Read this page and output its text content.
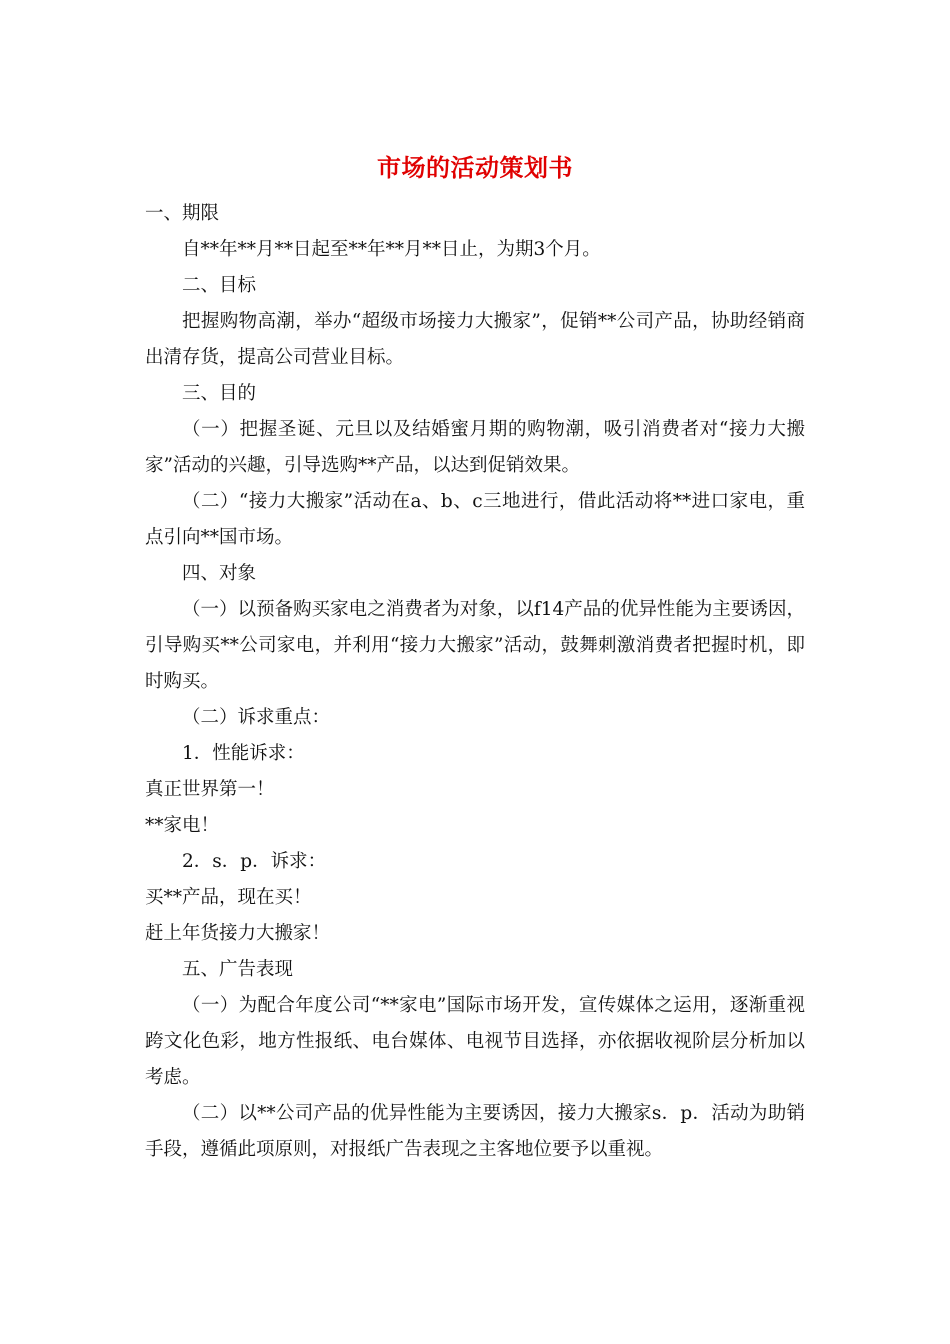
市场的活动策划书

一、期限

自**年**月**日起至**年**月**日止，为期3个月。

二、目标

把握购物高潮，举办“超级市场接力大搬家”，促销**公司产品，协助经销商出清存货，提高公司营业目标。

三、目的

（一）把握圣诞、元旦以及结婚蜜月期的购物潮，吸引消费者对“接力大搬家”活动的兴趣，引导选购**产品，以达到促销效果。

（二）“接力大搬家”活动在a、b、c三地进行，借此活动将**进口家电，重点引向**国市场。

四、对象

（一）以预备购买家电之消费者为对象，以f14产品的优异性能为主要诱因，引导购买**公司家电，并利用“接力大搬家”活动，鼓舞刺激消费者把握时机，即时购买。

（二）诉求重点：

1．性能诉求：

真正世界第一！

**家电！

2．s．p．诉求：

买**产品，现在买！

赶上年货接力大搬家！

五、广告表现

（一）为配合年度公司“**家电”国际市场开发，宣传媒体之运用，逐渐重视跨文化色彩，地方性报纸、电台媒体、电视节目选择，亦依据收视阶层分析加以考虑。

（二）以**公司产品的优异性能为主要诱因，接力大搬家s．p．活动为助销手段，遵循此项原则，对报纸广告表现之主客地位要予以重视。
